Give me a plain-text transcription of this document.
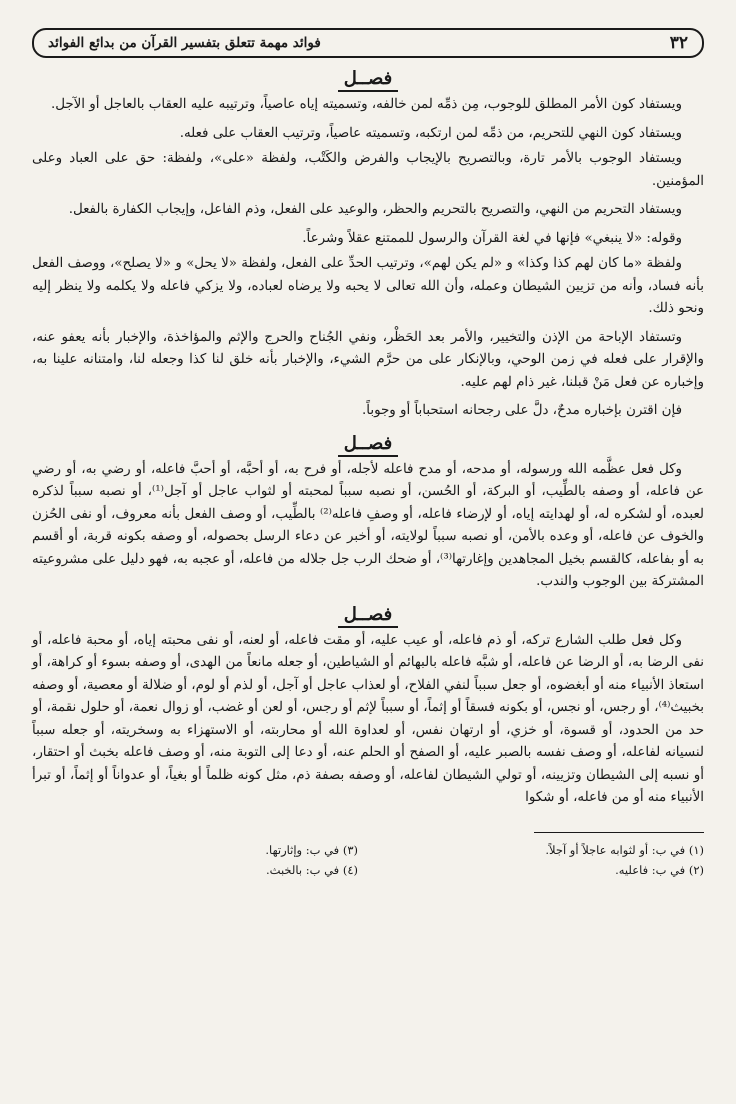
٣٢
فوائد مهمة تتعلق بتفسير القرآن من بدائع الفوائد
فصــل

ويستفاد كون الأمر المطلق للوجوب، مِن ذمِّه لمن خالفه، وتسميته إياه عاصياً، وترتيبه عليه العقاب بالعاجل أو الآجل.

ويستفاد كون النهي للتحريم، من ذمِّه لمن ارتكبه، وتسميته عاصياً، وترتيب العقاب على فعله.

ويستفاد الوجوب بالأمر تارة، وبالتصريح بالإيجاب والفرض والكَتْب، ولفظة «على»، ولفظة: حق على العباد وعلى المؤمنين.

ويستفاد التحريم من النهي، والتصريح بالتحريم والحظر، والوعيد على الفعل، وذم الفاعل، وإيجاب الكفارة بالفعل.

وقوله: «لا ينبغي» فإنها في لغة القرآن والرسول للممتنع عقلاً وشرعاً.

ولفظة «ما كان لهم كذا وكذا» و «لم يكن لهم»، وترتيب الحدِّ على الفعل، ولفظة «لا يحل» و «لا يصلح»، ووصف الفعل بأنه فساد، وأنه من تزيين الشيطان وعمله، وأن الله تعالى لا يحبه ولا يرضاه لعباده، ولا يزكي فاعله ولا يكلمه ولا ينظر إليه ونحو ذلك.

وتستفاد الإباحة من الإذن والتخيير، والأمر بعد الحَظْر، ونفي الجُناح والحرج والإثم والمؤاخذة، والإخبار بأنه يعفو عنه، والإقرار على فعله في زمن الوحي، وبالإنكار على من حرَّم الشيء، والإخبار بأنه خلق لنا كذا وجعله لنا، وامتنانه علينا به، وإخباره عن فعل مَنْ قبلنا، غير ذام لهم عليه.

فإن اقترن بإخباره مدحٌ، دلَّ على رجحانه استحباباً أو وجوباً.

فصــل

وكل فعل عظَّمه الله ورسوله، أو مدحه، أو مدح فاعله لأجله، أو فرح به، أو أحبَّه، أو أحبَّ فاعله، أو رضي به، أو رضي عن فاعله، أو وصفه بالطِّيب، أو البركة، أو الحُسن، أو نصبه سبباً لمحبته أو لثواب عاجل أو آجل⁽¹⁾، أو نصبه سبباً لذكره لعبده، أو لشكره له، أو لهدايته إياه، أو لإرضاء فاعله، أو وصفِ فاعله⁽²⁾ بالطِّيب، أو وصف الفعل بأنه معروف، أو نفى الحُزن والخوف عن فاعله، أو وعده بالأمن، أو نصبه سبباً لولايته، أو أخبر عن دعاء الرسل بحصوله، أو وصفه بكونه قربة، أو أقسم به أو بفاعله، كالقسم بخيل المجاهدين وإغارتها⁽³⁾، أو ضحك الرب جل جلاله من فاعله، أو عجبه به، فهو دليل على مشروعيته المشتركة بين الوجوب والندب.

فصــل

وكل فعل طلب الشارع تركه، أو ذم فاعله، أو عيب عليه، أو مقت فاعله، أو لعنه، أو نفى محبته إياه، أو محبة فاعله، أو نفى الرضا به، أو الرضا عن فاعله، أو شبَّه فاعله بالبهائم أو الشياطين، أو جعله مانعاً من الهدى، أو وصفه بسوء أو كراهة، أو استعاذ الأنبياء منه أو أبغضوه، أو جعل سبباً لنفي الفلاح، أو لعذاب عاجل أو آجل، أو لذم أو لوم، أو ضلالة أو معصية، أو وصفه بخبيث⁽⁴⁾، أو رجس، أو نجس، أو بكونه فسقاً أو إثماً، أو سبباً لإثم أو رجس، أو لعن أو غضب، أو زوال نعمة، أو حلول نقمة، أو حد من الحدود، أو قسوة، أو خزي، أو ارتهان نفس، أو لعداوة الله أو محاربته، أو الاستهزاء به وسخريته، أو جعله سبباً لنسيانه لفاعله، أو وصف نفسه بالصبر عليه، أو الصفح أو الحلم عنه، أو دعا إلى التوبة منه، أو وصف فاعله بخبث أو احتقار، أو نسبه إلى الشيطان وتزيينه، أو تولي الشيطان لفاعله، أو وصفه بصفة ذم، مثل كونه ظلماً أو بغياً، أو عدواناً أو إثماً، أو تبرأ الأنبياء منه أو من فاعله، أو شكوا

(١) في ب: أو لثوابه عاجلاً أو آجلاً.
(٣) في ب: وإثارتها.
(٢) في ب: فاعليه.
(٤) في ب: بالخبث.
